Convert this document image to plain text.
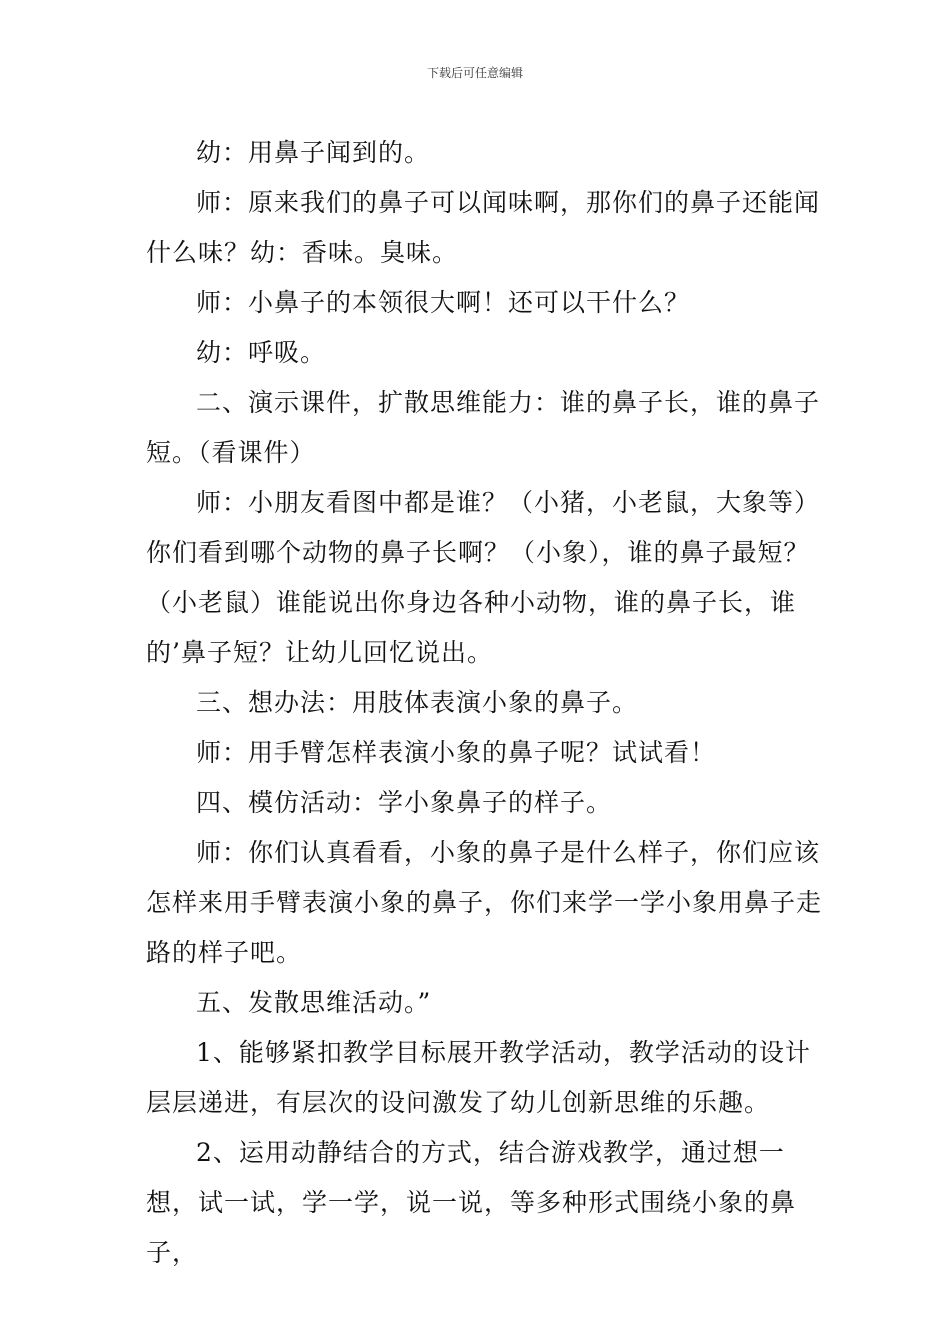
下载后可任意编辑

幼：用鼻子闻到的。

师：原来我们的鼻子可以闻味啊，那你们的鼻子还能闻什么味？幼：香味。臭味。

师：小鼻子的本领很大啊！还可以干什么？

幼：呼吸。

二、演示课件，扩散思维能力：谁的鼻子长，谁的鼻子短。（看课件）

师：小朋友看图中都是谁？（小猪，小老鼠，大象等）你们看到哪个动物的鼻子长啊？（小象），谁的鼻子最短？（小老鼠）谁能说出你身边各种小动物，谁的鼻子长，谁的’鼻子短？让幼儿回忆说出。

三、想办法：用肢体表演小象的鼻子。

师：用手臂怎样表演小象的鼻子呢？试试看！

四、模仿活动：学小象鼻子的样子。

师：你们认真看看，小象的鼻子是什么样子，你们应该怎样来用手臂表演小象的鼻子，你们来学一学小象用鼻子走路的样子吧。

五、发散思维活动。”

1、能够紧扣教学目标展开教学活动，教学活动的设计层层递进，有层次的设问激发了幼儿创新思维的乐趣。

2、运用动静结合的方式，结合游戏教学，通过想一想，试一试，学一学，说一说，等多种形式围绕小象的鼻子，
